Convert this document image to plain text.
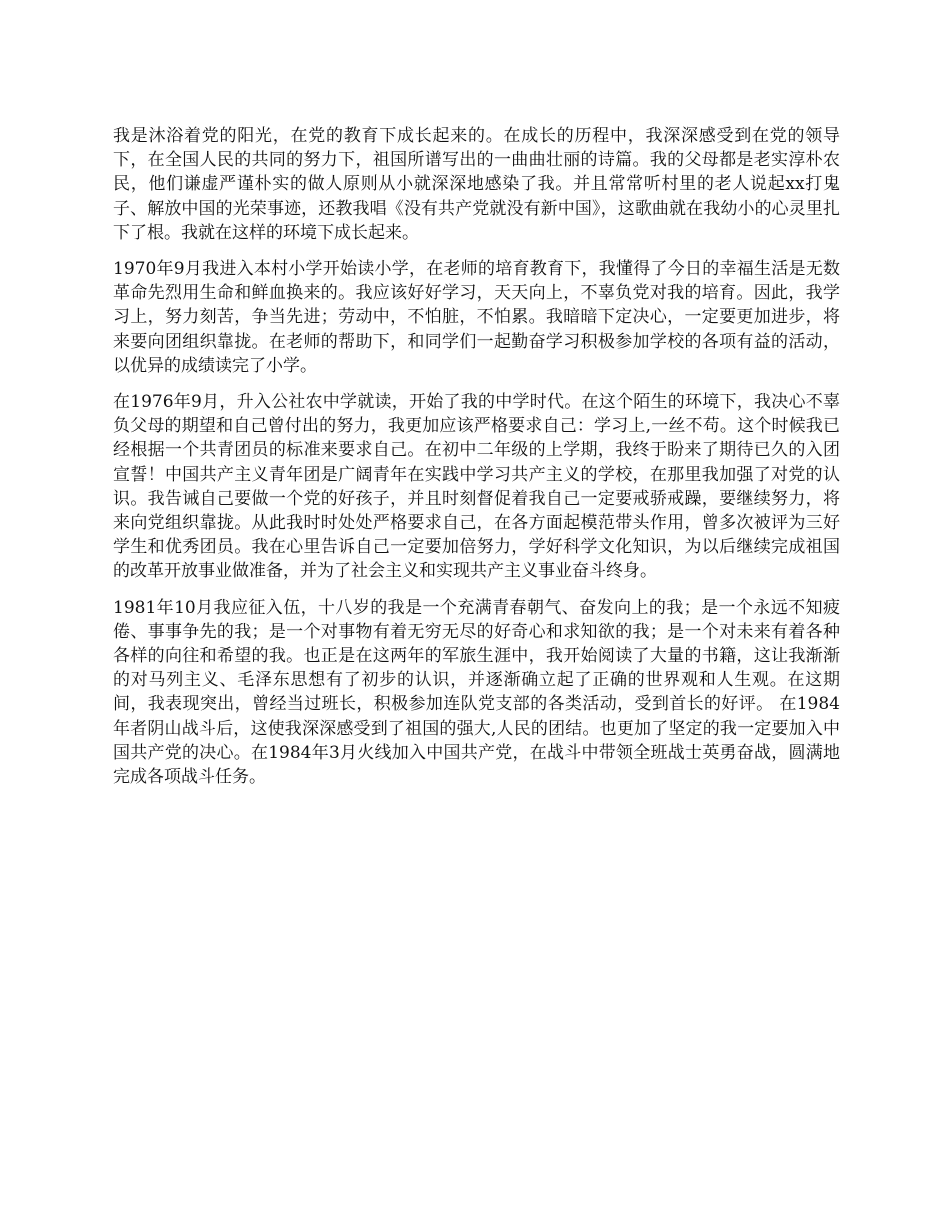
我是沐浴着党的阳光，在党的教育下成长起来的。在成长的历程中，我深深感受到在党的领导下，在全国人民的共同的努力下，祖国所谱写出的一曲曲壮丽的诗篇。我的父母都是老实淳朴农民，他们谦虚严谨朴实的做人原则从小就深深地感染了我。并且常常听村里的老人说起xx打鬼子、解放中国的光荣事迹，还教我唱《没有共产党就没有新中国》，这歌曲就在我幼小的心灵里扎下了根。我就在这样的环境下成长起来。

1970年9月我进入本村小学开始读小学，在老师的培育教育下，我懂得了今日的幸福生活是无数革命先烈用生命和鲜血换来的。我应该好好学习，天天向上，不辜负党对我的培育。因此，我学习上，努力刻苦，争当先进；劳动中，不怕脏，不怕累。我暗暗下定决心，一定要更加进步，将来要向团组织靠拢。在老师的帮助下，和同学们一起勤奋学习积极参加学校的各项有益的活动，以优异的成绩读完了小学。

在1976年9月，升入公社农中学就读，开始了我的中学时代。在这个陌生的环境下，我决心不辜负父母的期望和自己曾付出的努力，我更加应该严格要求自己：学习上,一丝不苟。这个时候我已经根据一个共青团员的标准来要求自己。在初中二年级的上学期，我终于盼来了期待已久的入团宣誓！中国共产主义青年团是广阔青年在实践中学习共产主义的学校，在那里我加强了对党的认识。我告诫自己要做一个党的好孩子，并且时刻督促着我自己一定要戒骄戒躁，要继续努力，将来向党组织靠拢。从此我时时处处严格要求自己，在各方面起模范带头作用，曾多次被评为三好学生和优秀团员。我在心里告诉自己一定要加倍努力，学好科学文化知识，为以后继续完成祖国的改革开放事业做准备，并为了社会主义和实现共产主义事业奋斗终身。

1981年10月我应征入伍，十八岁的我是一个充满青春朝气、奋发向上的我；是一个永远不知疲倦、事事争先的我；是一个对事物有着无穷无尽的好奇心和求知欲的我；是一个对未来有着各种各样的向往和希望的我。也正是在这两年的军旅生涯中，我开始阅读了大量的书籍，这让我渐渐的对马列主义、毛泽东思想有了初步的认识，并逐渐确立起了正确的世界观和人生观。在这期间，我表现突出，曾经当过班长，积极参加连队党支部的各类活动，受到首长的好评。 在1984年者阴山战斗后，这使我深深感受到了祖国的强大,人民的团结。也更加了坚定的我一定要加入中国共产党的决心。在1984年3月火线加入中国共产党，在战斗中带领全班战士英勇奋战，圆满地完成各项战斗任务。
